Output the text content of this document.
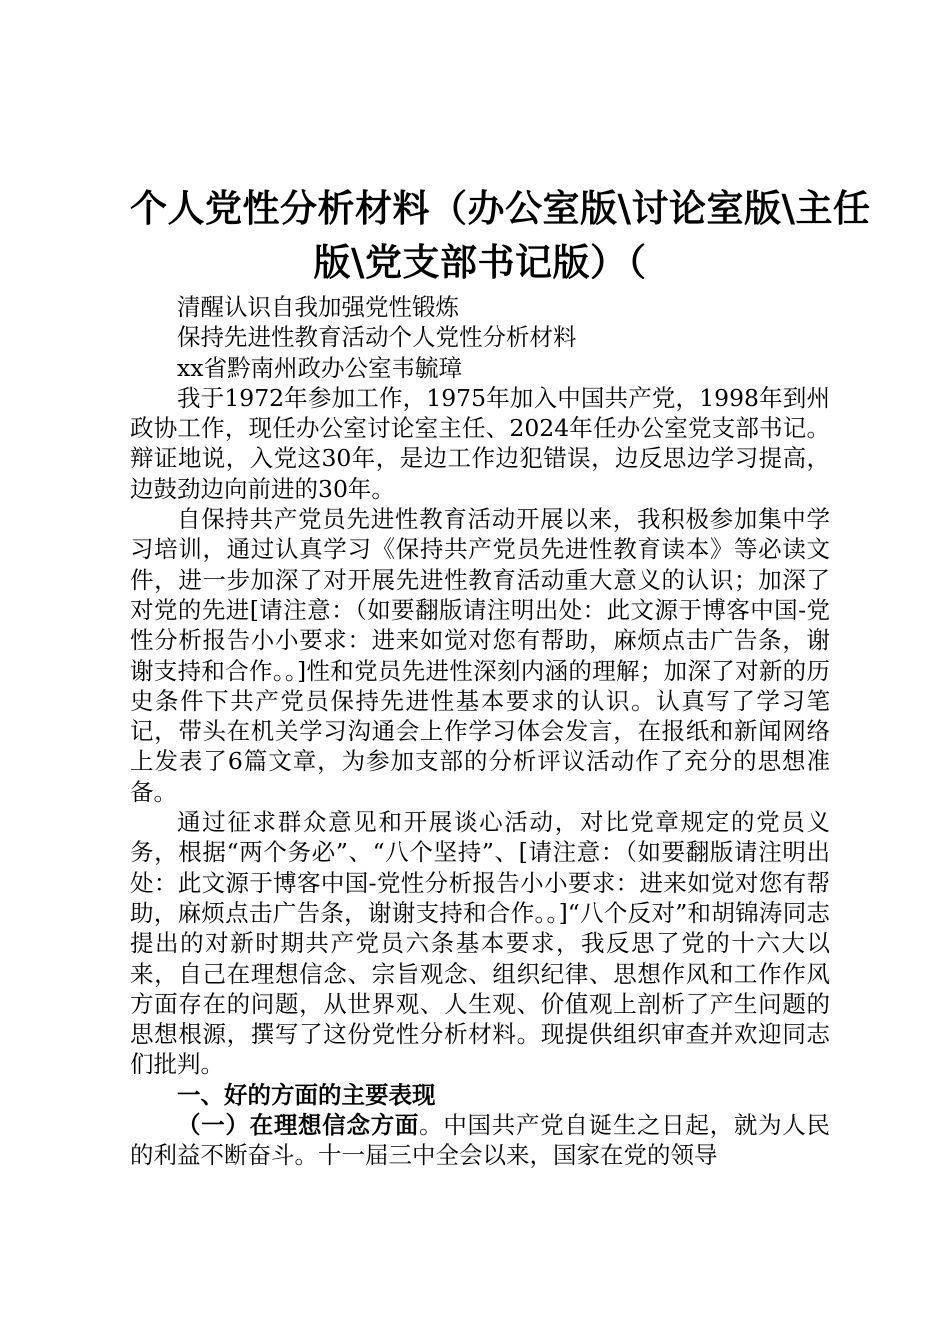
个人党性分析材料（办公室版\讨论室版\主任
版\党支部书记版）（

清醒认识自我加强党性锻炼

保持先进性教育活动个人党性分析材料

xx省黔南州政办公室韦毓璋

我于1972年参加工作，1975年加入中国共产党，1998年到州政协工作，现任办公室讨论室主任、2024年任办公室党支部书记。辩证地说，入党这30年，是边工作边犯错误，边反思边学习提高，边鼓劲边向前进的30年。

自保持共产党员先进性教育活动开展以来，我积极参加集中学习培训，通过认真学习《保持共产党员先进性教育读本》等必读文件，进一步加深了对开展先进性教育活动重大意义的认识；加深了对党的先进[请注意：（如要翻版请注明出处：此文源于博客中国-党性分析报告小小要求：进来如觉对您有帮助，麻烦点击广告条，谢谢支持和合作。。]性和党员先进性深刻内涵的理解；加深了对新的历史条件下共产党员保持先进性基本要求的认识。认真写了学习笔记，带头在机关学习沟通会上作学习体会发言，在报纸和新闻网络上发表了6篇文章，为参加支部的分析评议活动作了充分的思想准备。

通过征求群众意见和开展谈心活动，对比党章规定的党员义务，根据“两个务必”、“八个坚持”、[请注意：（如要翻版请注明出处：此文源于博客中国-党性分析报告小小要求：进来如觉对您有帮助，麻烦点击广告条，谢谢支持和合作。。]“八个反对”和胡锦涛同志提出的对新时期共产党员六条基本要求，我反思了党的十六大以来，自己在理想信念、宗旨观念、组织纪律、思想作风和工作作风方面存在的问题，从世界观、人生观、价值观上剖析了产生问题的思想根源，撰写了这份党性分析材料。现提供组织审查并欢迎同志们批判。

一、好的方面的主要表现

（一）在理想信念方面。中国共产党自诞生之日起，就为人民的利益不断奋斗。十一届三中全会以来，国家在党的领导
